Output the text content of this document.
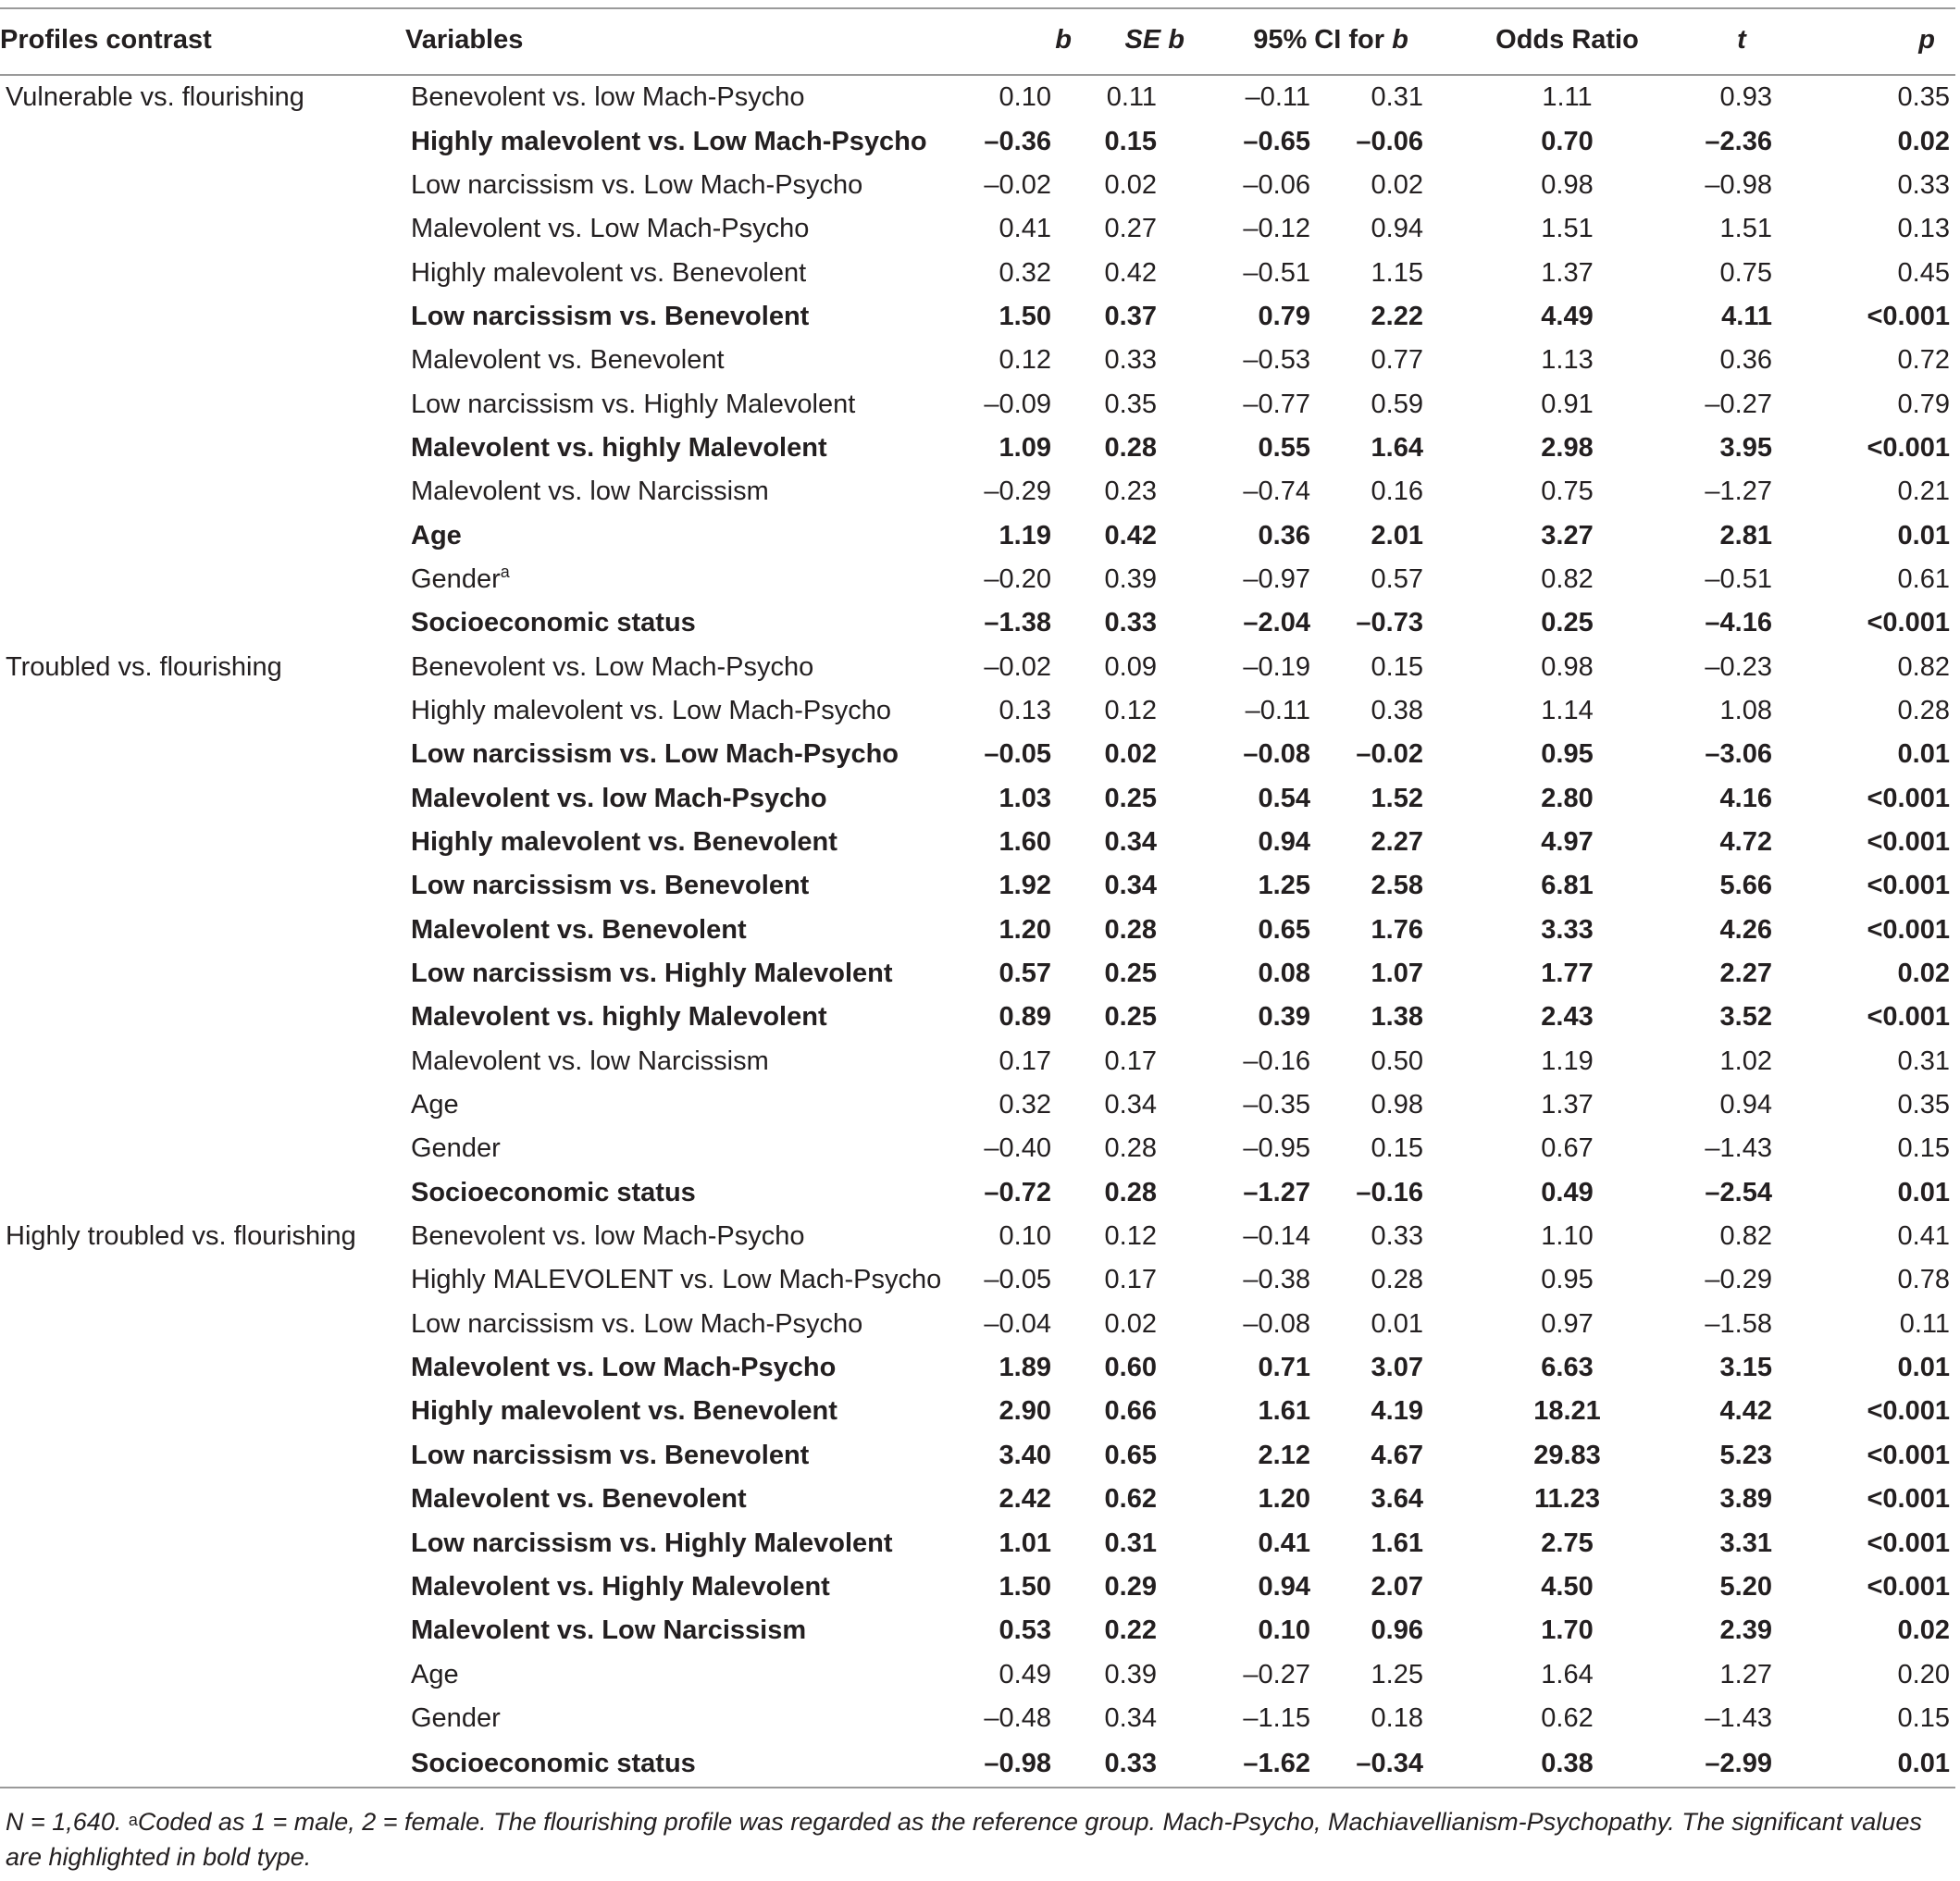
Profiles contrast	Variables	b	SE b	95% CI for b		Odds Ratio	t	p
Vulnerable vs. flourishing	Benevolent vs. low Mach-Psycho	0.10	0.11	–0.11	0.31	1.11	0.93	0.35
	Highly malevolent vs. Low Mach-Psycho	–0.36	0.15	–0.65	–0.06	0.70	–2.36	0.02
	Low narcissism vs. Low Mach-Psycho	–0.02	0.02	–0.06	0.02	0.98	–0.98	0.33
	Malevolent vs. Low Mach-Psycho	0.41	0.27	–0.12	0.94	1.51	1.51	0.13
	Highly malevolent vs. Benevolent	0.32	0.42	–0.51	1.15	1.37	0.75	0.45
	Low narcissism vs. Benevolent	1.50	0.37	0.79	2.22	4.49	4.11	<0.001
	Malevolent vs. Benevolent	0.12	0.33	–0.53	0.77	1.13	0.36	0.72
	Low narcissism vs. Highly Malevolent	–0.09	0.35	–0.77	0.59	0.91	–0.27	0.79
	Malevolent vs. highly Malevolent	1.09	0.28	0.55	1.64	2.98	3.95	<0.001
	Malevolent vs. low Narcissism	–0.29	0.23	–0.74	0.16	0.75	–1.27	0.21
	Age	1.19	0.42	0.36	2.01	3.27	2.81	0.01
	Gender$^a$	–0.20	0.39	–0.97	0.57	0.82	–0.51	0.61
	Socioeconomic status	–1.38	0.33	–2.04	–0.73	0.25	–4.16	<0.001
Troubled vs. flourishing	Benevolent vs. Low Mach-Psycho	–0.02	0.09	–0.19	0.15	0.98	–0.23	0.82
	Highly malevolent vs. Low Mach-Psycho	0.13	0.12	–0.11	0.38	1.14	1.08	0.28
	Low narcissism vs. Low Mach-Psycho	–0.05	0.02	–0.08	–0.02	0.95	–3.06	0.01
	Malevolent vs. low Mach-Psycho	1.03	0.25	0.54	1.52	2.80	4.16	<0.001
	Highly malevolent vs. Benevolent	1.60	0.34	0.94	2.27	4.97	4.72	<0.001
	Low narcissism vs. Benevolent	1.92	0.34	1.25	2.58	6.81	5.66	<0.001
	Malevolent vs. Benevolent	1.20	0.28	0.65	1.76	3.33	4.26	<0.001
	Low narcissism vs. Highly Malevolent	0.57	0.25	0.08	1.07	1.77	2.27	0.02
	Malevolent vs. highly Malevolent	0.89	0.25	0.39	1.38	2.43	3.52	<0.001
	Malevolent vs. low Narcissism	0.17	0.17	–0.16	0.50	1.19	1.02	0.31
	Age	0.32	0.34	–0.35	0.98	1.37	0.94	0.35
	Gender	–0.40	0.28	–0.95	0.15	0.67	–1.43	0.15
	Socioeconomic status	–0.72	0.28	–1.27	–0.16	0.49	–2.54	0.01
Highly troubled vs. flourishing	Benevolent vs. low Mach-Psycho	0.10	0.12	–0.14	0.33	1.10	0.82	0.41
	Highly MALEVOLENT vs. Low Mach-Psycho	–0.05	0.17	–0.38	0.28	0.95	–0.29	0.78
	Low narcissism vs. Low Mach-Psycho	–0.04	0.02	–0.08	0.01	0.97	–1.58	0.11
	Malevolent vs. Low Mach-Psycho	1.89	0.60	0.71	3.07	6.63	3.15	0.01
	Highly malevolent vs. Benevolent	2.90	0.66	1.61	4.19	18.21	4.42	<0.001
	Low narcissism vs. Benevolent	3.40	0.65	2.12	4.67	29.83	5.23	<0.001
	Malevolent vs. Benevolent	2.42	0.62	1.20	3.64	11.23	3.89	<0.001
	Low narcissism vs. Highly Malevolent	1.01	0.31	0.41	1.61	2.75	3.31	<0.001
	Malevolent vs. Highly Malevolent	1.50	0.29	0.94	2.07	4.50	5.20	<0.001
	Malevolent vs. Low Narcissism	0.53	0.22	0.10	0.96	1.70	2.39	0.02
	Age	0.49	0.39	–0.27	1.25	1.64	1.27	0.20
	Gender	–0.48	0.34	–1.15	0.18	0.62	–1.43	0.15
	Socioeconomic status	–0.98	0.33	–1.62	–0.34	0.38	–2.99	0.01
N = 1,640. $^a$Coded as 1 = male, 2 = female. The flourishing profile was regarded as the reference group. Mach-Psycho, Machiavellianism-Psychopathy. The significant values are highlighted in bold type.
